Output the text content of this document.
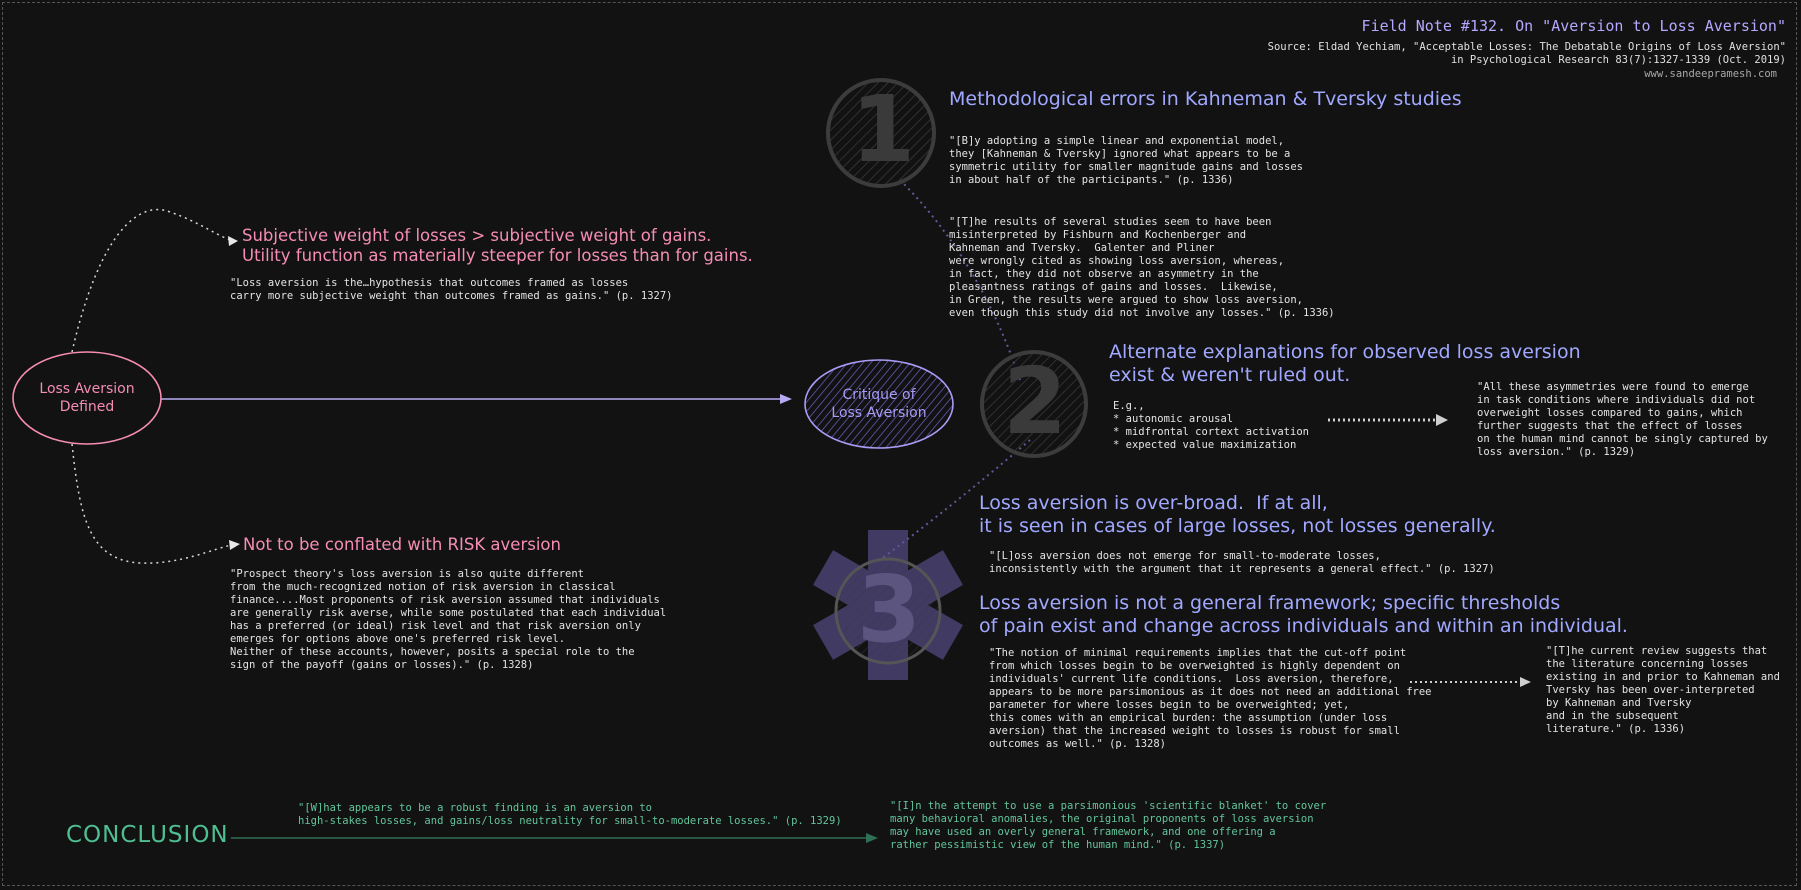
1
2
3
Field Note #132. On "Aversion to Loss Aversion"
Source: Eldad Yechiam, "Acceptable Losses: The Debatable Origins of Loss Aversion"
in Psychological Research 83(7):1327-1339 (Oct. 2019)
www.sandeepramesh.com
Loss Aversion
Defined
Critique of
Loss Aversion
Subjective weight of losses > subjective weight of gains.
Utility function as materially steeper for losses than for gains.
"Loss aversion is the…hypothesis that outcomes framed as losses
carry more subjective weight than outcomes framed as gains." (p. 1327)
Not to be conflated with RISK aversion
"Prospect theory's loss aversion is also quite different
from the much-recognized notion of risk aversion in classical
finance....Most proponents of risk aversion assumed that individuals
are generally risk averse, while some postulated that each individual
has a preferred (or ideal) risk level and that risk aversion only
emerges for options above one's preferred risk level.
Neither of these accounts, however, posits a special role to the
sign of the payoff (gains or losses)." (p. 1328)
Methodological errors in Kahneman & Tversky studies
"[B]y adopting a simple linear and exponential model,
they [Kahneman & Tversky] ignored what appears to be a
symmetric utility for smaller magnitude gains and losses
in about half of the participants." (p. 1336)
"[T]he results of several studies seem to have been
misinterpreted by Fishburn and Kochenberger and
Kahneman and Tversky.  Galenter and Pliner
were wrongly cited as showing loss aversion, whereas,
in fact, they did not observe an asymmetry in the
pleasantness ratings of gains and losses.  Likewise,
in Green, the results were argued to show loss aversion,
even though this study did not involve any losses." (p. 1336)
Alternate explanations for observed loss aversion
exist & weren't ruled out.
E.g.,
* autonomic arousal
* midfrontal cortext activation
* expected value maximization
"All these asymmetries were found to emerge
in task conditions where individuals did not
overweight losses compared to gains, which
further suggests that the effect of losses
on the human mind cannot be singly captured by
loss aversion." (p. 1329)
Loss aversion is over-broad.  If at all,
it is seen in cases of large losses, not losses generally.
"[L]oss aversion does not emerge for small-to-moderate losses,
inconsistently with the argument that it represents a general effect." (p. 1327)
Loss aversion is not a general framework; specific thresholds
of pain exist and change across individuals and within an individual.
"The notion of minimal requirements implies that the cut-off point
from which losses begin to be overweighted is highly dependent on
individuals' current life conditions.  Loss aversion, therefore,
appears to be more parsimonious as it does not need an additional free
parameter for where losses begin to be overweighted; yet,
this comes with an empirical burden: the assumption (under loss
aversion) that the increased weight to losses is robust for small
outcomes as well." (p. 1328)
"[T]he current review suggests that
the literature concerning losses
existing in and prior to Kahneman and
Tversky has been over-interpreted
by Kahneman and Tversky
and in the subsequent
literature." (p. 1336)
CONCLUSION
"[W]hat appears to be a robust finding is an aversion to
high-stakes losses, and gains/loss neutrality for small-to-moderate losses." (p. 1329)
"[I]n the attempt to use a parsimonious 'scientific blanket' to cover
many behavioral anomalies, the original proponents of loss aversion
may have used an overly general framework, and one offering a
rather pessimistic view of the human mind." (p. 1337)
